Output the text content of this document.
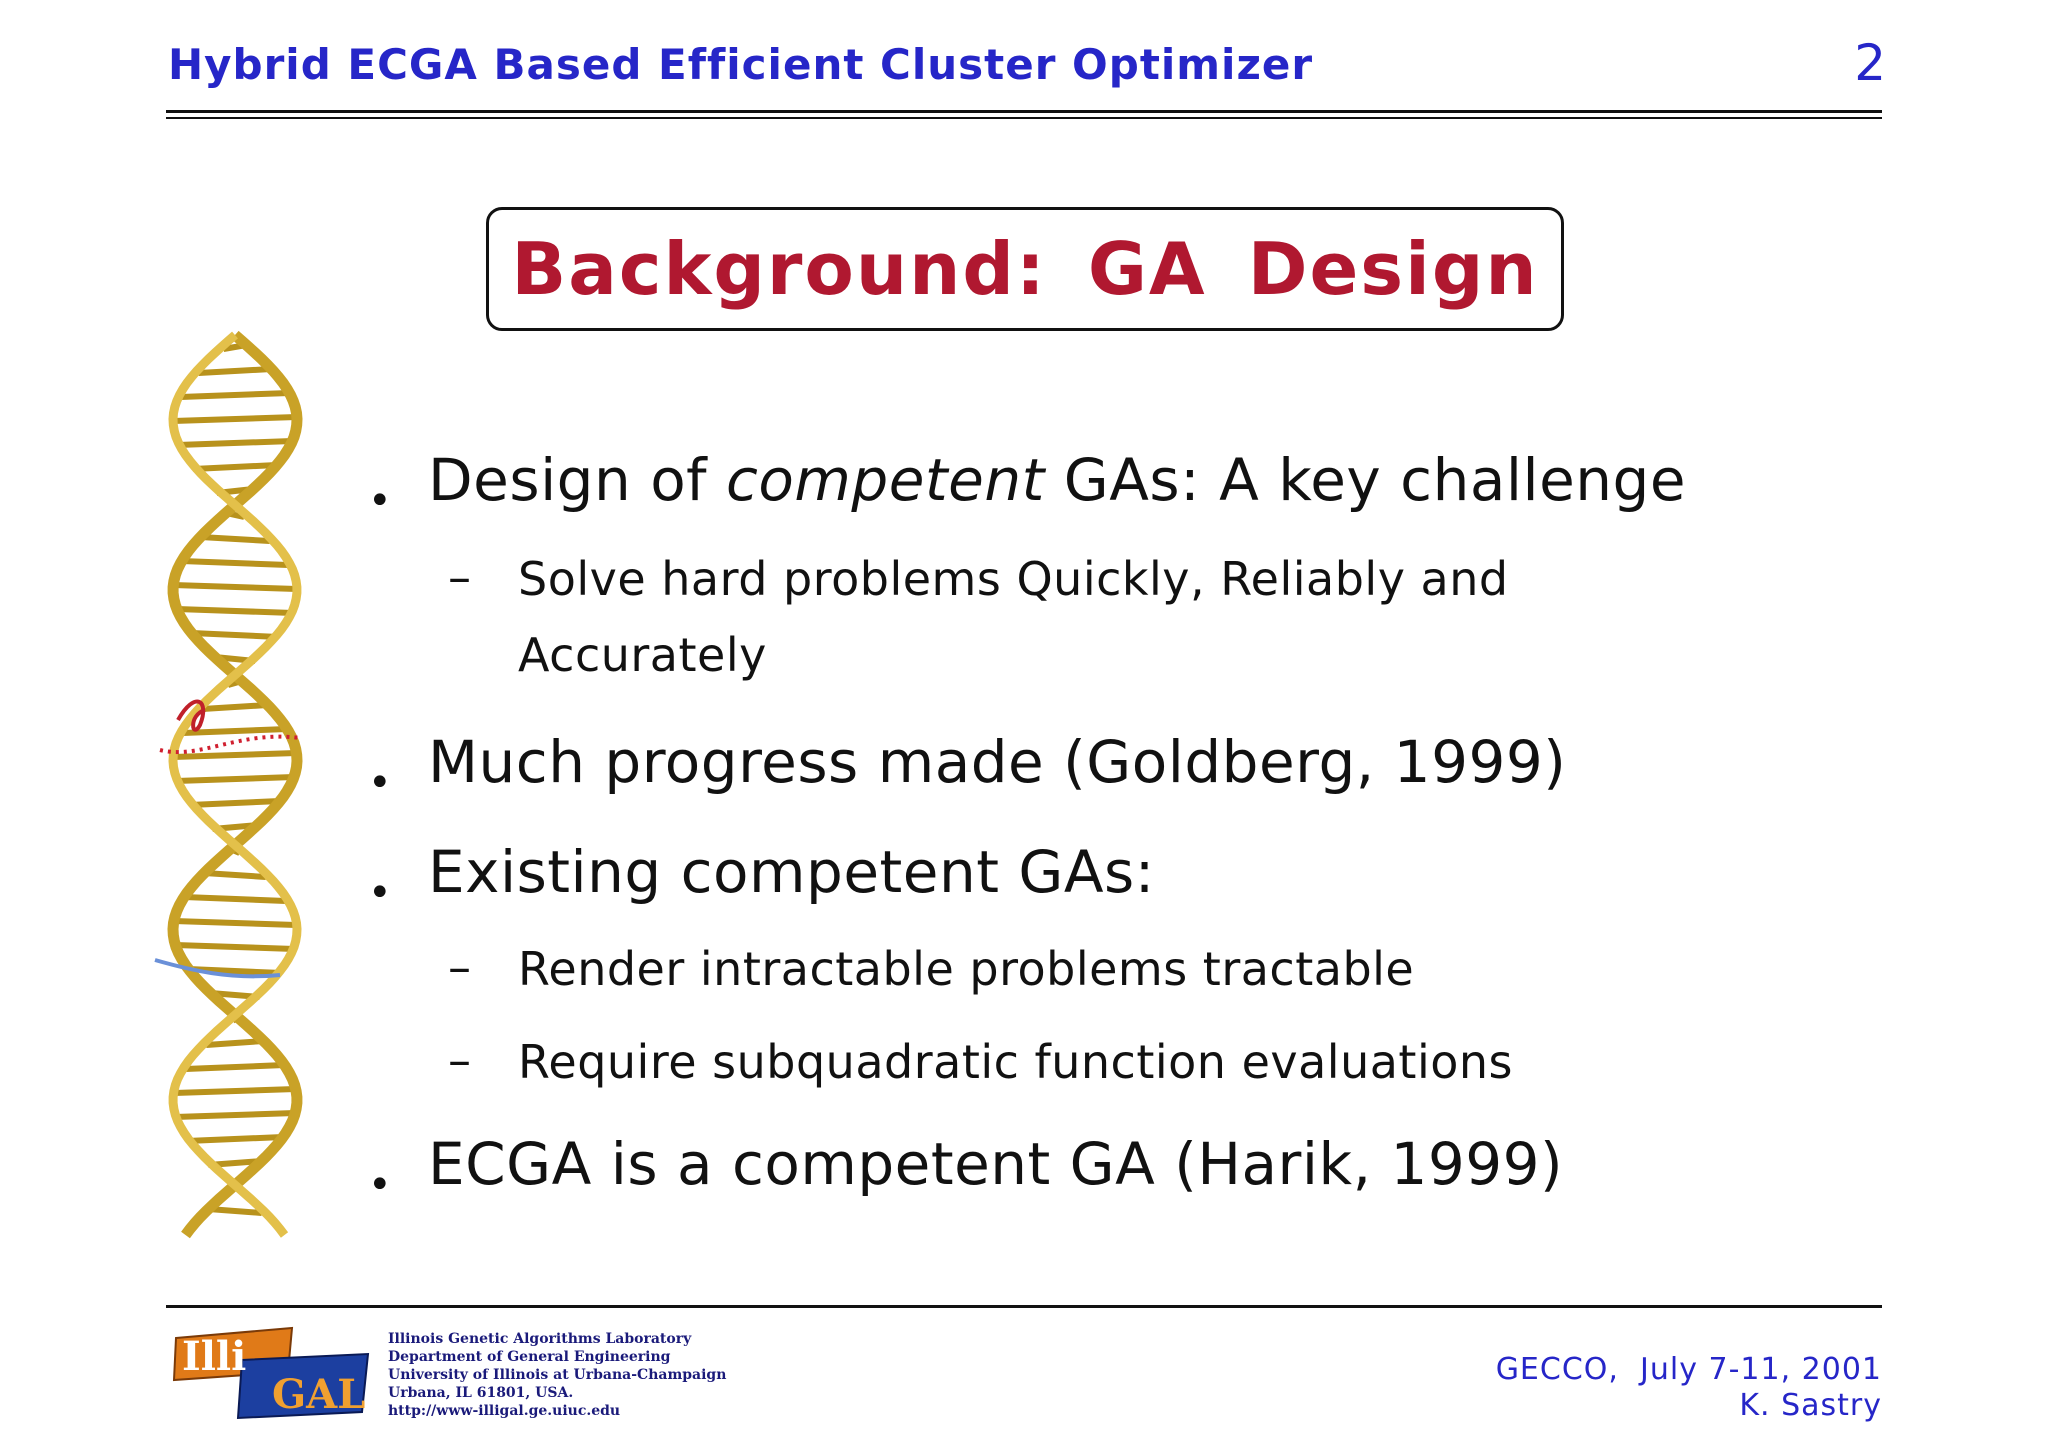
Hybrid ECGA Based Efficient Cluster Optimizer	2
Background: GA Design
• Design of competent GAs: A key challenge
– Solve hard problems Quickly, Reliably and
Accurately
• Much progress made (Goldberg, 1999)
• Existing competent GAs:
– Render intractable problems tractable
– Require subquadratic function evaluations
• ECGA is a competent GA (Harik, 1999)
Illi
GAL
Illinois Genetic Algorithms Laboratory
Department of General Engineering
University of Illinois at Urbana-Champaign
Urbana, IL 61801, USA.
http://www-illigal.ge.uiuc.edu
GECCO,  July 7-11, 2001
K. Sastry
